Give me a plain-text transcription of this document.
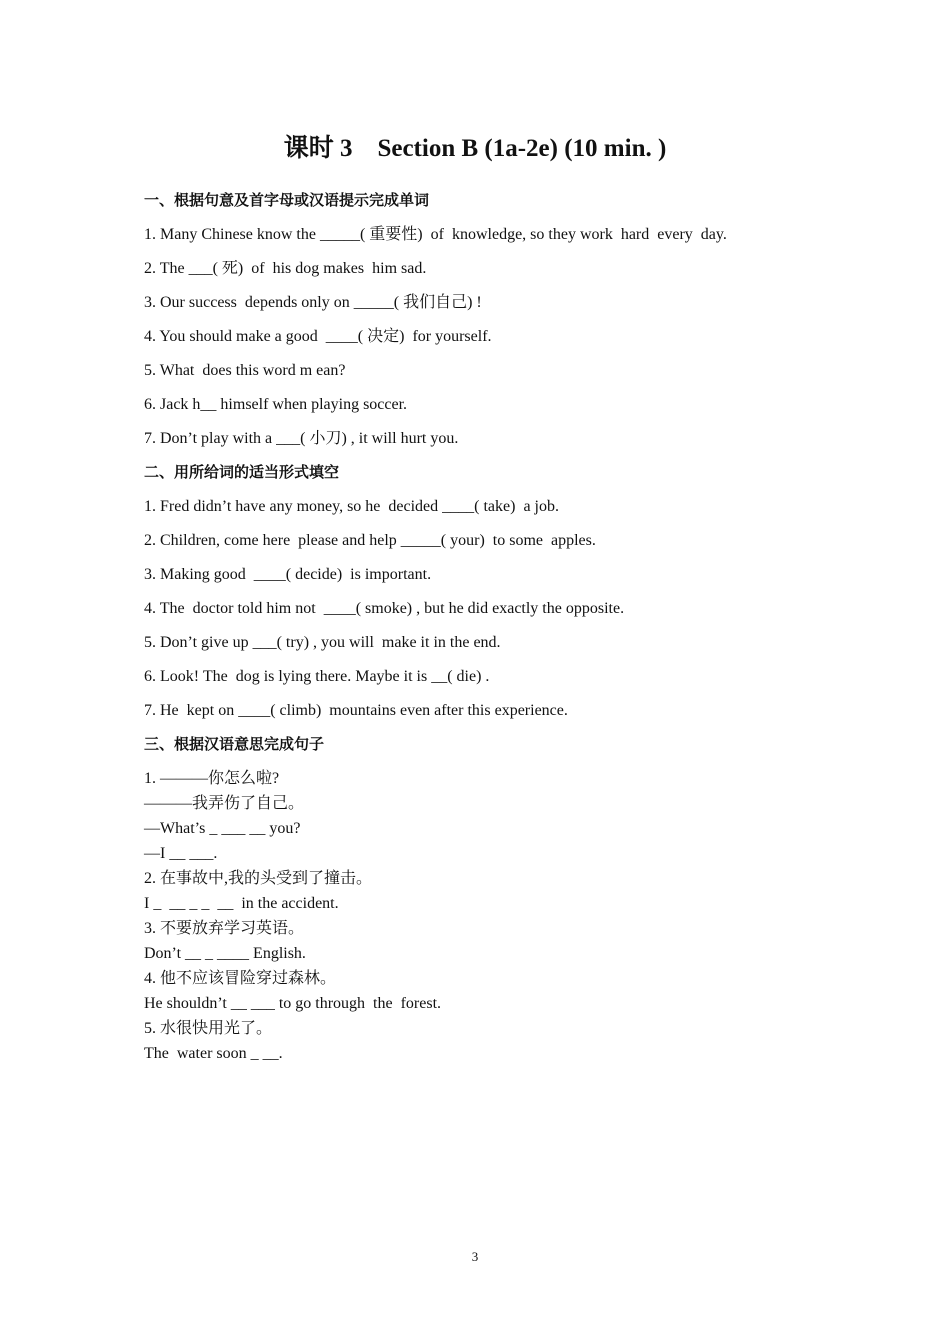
课时 3    Section B (1a-2e) (10 min. )
一、根据句意及首字母或汉语提示完成单词
1. Many Chinese know the _____( 重要性)  of  knowledge, so they work  hard  every  day.
2. The ___( 死)  of  his dog makes  him sad.
3. Our success  depends only on _____( 我们自己) !
4. You should make a good  ____( 决定)  for yourself.
5. What  does this word m ean?
6. Jack h__ himself when playing soccer.
7. Don’t play with a ___( 小刀) , it will hurt you.
二、用所给词的适当形式填空
1. Fred didn’t have any money, so he  decided ____( take)  a job.
2. Children, come here  please and help _____( your)  to some  apples.
3. Making good  ____( decide)  is important.
4. The  doctor told him not  ____( smoke) , but he did exactly the opposite.
5. Don’t give up ___( try) , you will  make it in the end.
6. Look! The  dog is lying there. Maybe it is __( die) .
7. He  kept on ____( climb)  mountains even after this experience.
三、根据汉语意思完成句子
1. ———你怎么啦?
———我弄伤了自己。
—What’s _ ___ __ you?
—I __ ___.
2. 在事故中,我的头受到了撞击。
I _  __ _ _  __  in the accident.
3. 不要放弃学习英语。
Don’t __ _ ____ English.
4. 他不应该冒险穿过森林。
He shouldn’t __ ___ to go through  the  forest.
5. 水很快用光了。
The  water soon _ __.
3
